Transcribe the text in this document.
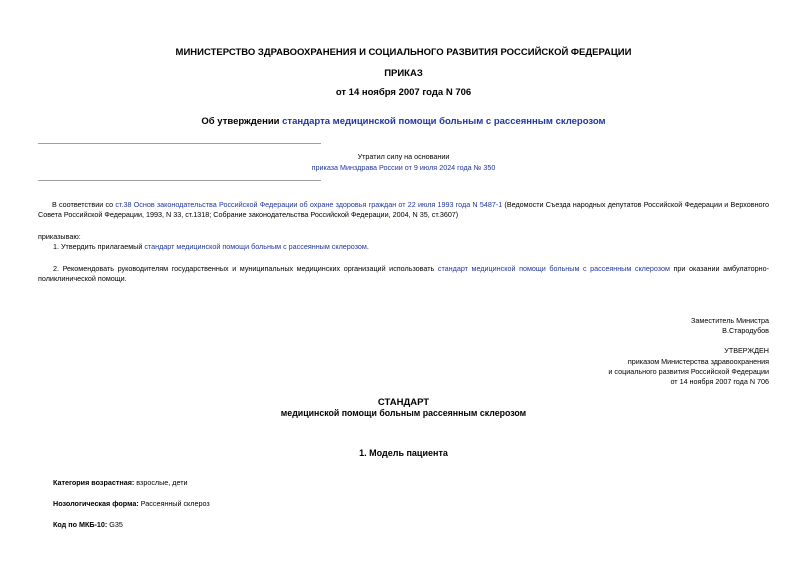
МИНИСТЕРСТВО ЗДРАВООХРАНЕНИЯ И СОЦИАЛЬНОГО РАЗВИТИЯ РОССИЙСКОЙ ФЕДЕРАЦИИ
ПРИКАЗ
от 14 ноября 2007 года N 706
Об утверждении стандарта медицинской помощи больным с рассеянным склерозом
Утратил силу на основании
приказа Минздрава России от 9 июля 2024 года № 350
В соответствии со ст.38 Основ законодательства Российской Федерации об охране здоровья граждан от 22 июля 1993 года N 5487-1 (Ведомости Съезда народных депутатов Российской Федерации и Верховного Совета Российской Федерации, 1993, N 33, ст.1318; Собрание законодательства Российской Федерации, 2004, N 35, ст.3607)
приказываю:
1. Утвердить прилагаемый стандарт медицинской помощи больным с рассеянным склерозом.
2. Рекомендовать руководителям государственных и муниципальных медицинских организаций использовать стандарт медицинской помощи больным с рассеянным склерозом при оказании амбулаторно-поликлинической помощи.
Заместитель Министра
В.Стародубов
УТВЕРЖДЕН
приказом Министерства здравоохранения
и социального развития Российской Федерации
от 14 ноября 2007 года N 706
СТАНДАРТ
медицинской помощи больным рассеянным склерозом
1. Модель пациента
Категория возрастная: взрослые, дети
Нозологическая форма: Рассеянный склероз
Код по МКБ-10: G35
